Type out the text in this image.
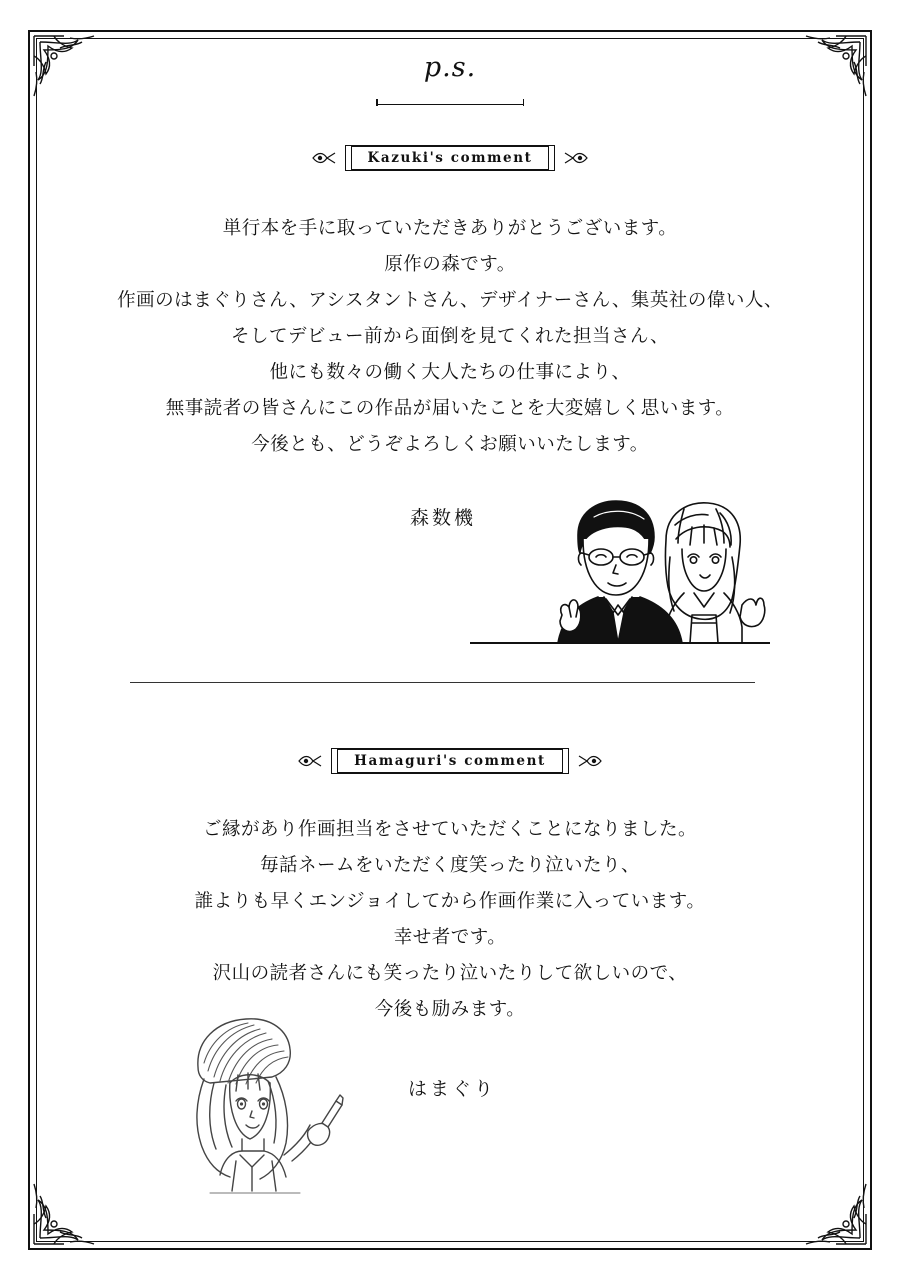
p.s.
Kazuki's comment
単行本を手に取っていただきありがとうございます。
原作の森です。
作画のはまぐりさん、アシスタントさん、デザイナーさん、集英社の偉い人、
そしてデビュー前から面倒を見てくれた担当さん、
他にも数々の働く大人たちの仕事により、
無事読者の皆さんにこの作品が届いたことを大変嬉しく思います。
今後とも、どうぞよろしくお願いいたします。
森数機
Hamaguri's comment
ご縁があり作画担当をさせていただくことになりました。
毎話ネームをいただく度笑ったり泣いたり、
誰よりも早くエンジョイしてから作画作業に入っています。
幸せ者です。
沢山の読者さんにも笑ったり泣いたりして欲しいので、
今後も励みます。
はまぐり
